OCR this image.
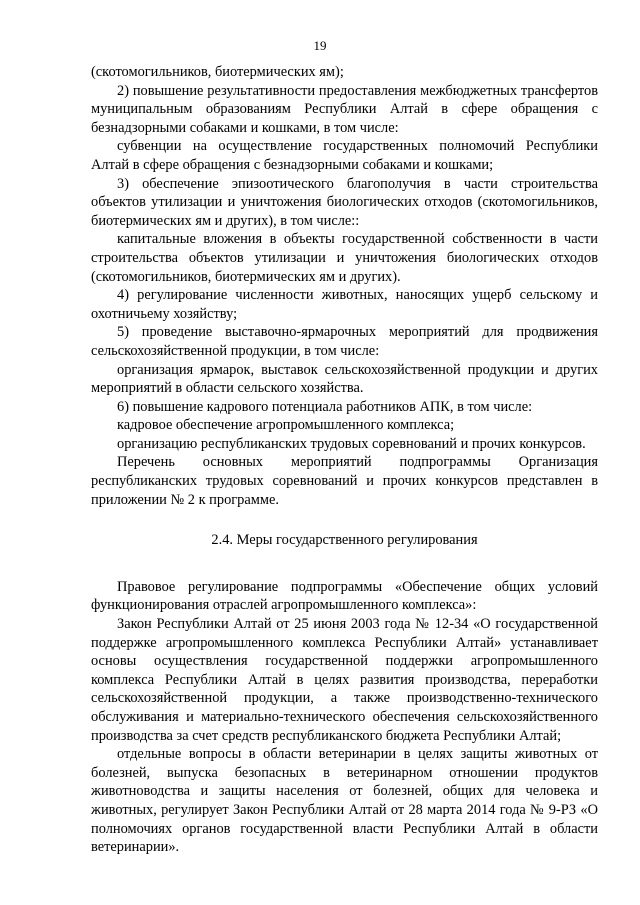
19

(скотомогильников, биотермических ям);

2) повышение результативности предоставления межбюджетных трансфертов муниципальным образованиям Республики Алтай в сфере обращения с безнадзорными собаками и кошками, в том числе:

субвенции на осуществление государственных полномочий Республики Алтай в сфере обращения с безнадзорными собаками и кошками;

3) обеспечение эпизоотического благополучия в части строительства объектов утилизации и уничтожения биологических отходов (скотомогильников, биотермических ям и других), в том числе::

капитальные вложения в объекты государственной собственности в части строительства объектов утилизации и уничтожения биологических отходов (скотомогильников, биотермических ям и других).

4) регулирование численности животных, наносящих ущерб сельскому и охотничьему хозяйству;

5) проведение выставочно-ярмарочных мероприятий для продвижения сельскохозяйственной продукции, в том числе:

организация ярмарок, выставок сельскохозяйственной продукции и других мероприятий в области сельского хозяйства.

6) повышение кадрового потенциала работников АПК, в том числе:

кадровое обеспечение агропромышленного комплекса;

организацию республиканских трудовых соревнований и прочих конкурсов.

Перечень основных мероприятий подпрограммы Организация республиканских трудовых соревнований и прочих конкурсов представлен в приложении № 2 к программе.

2.4. Меры государственного регулирования

Правовое регулирование подпрограммы «Обеспечение общих условий функционирования отраслей агропромышленного комплекса»:

Закон Республики Алтай от 25 июня 2003 года № 12-34 «О государственной поддержке агропромышленного комплекса Республики Алтай» устанавливает основы осуществления государственной поддержки агропромышленного комплекса Республики Алтай в целях развития производства, переработки сельскохозяйственной продукции, а также производственно-технического обслуживания и материально-технического обеспечения сельскохозяйственного производства за счет средств республиканского бюджета Республики Алтай;

отдельные вопросы в области ветеринарии в целях защиты животных от болезней, выпуска безопасных в ветеринарном отношении продуктов животноводства и защиты населения от болезней, общих для человека и животных, регулирует Закон Республики Алтай от 28 марта 2014 года № 9-РЗ «О полномочиях органов государственной власти Республики Алтай в области ветеринарии».
